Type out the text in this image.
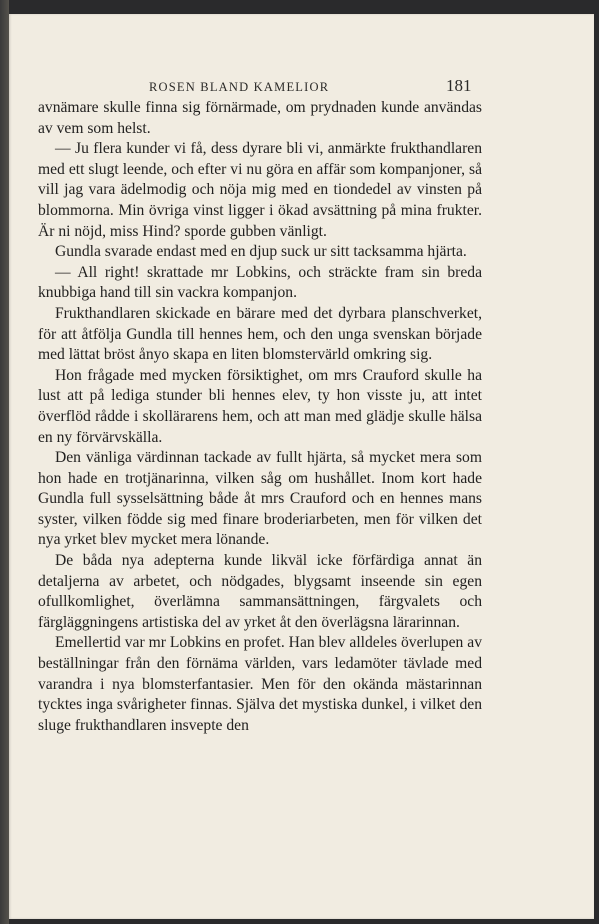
ROSEN BLAND KAMELIOR	181

avnämare skulle finna sig förnärmade, om prydnaden kunde användas av vem som helst.

— Ju flera kunder vi få, dess dyrare bli vi, anmärkte frukthandlaren med ett slugt leende, och efter vi nu göra en affär som kompanjoner, så vill jag vara ädelmodig och nöja mig med en tiondedel av vinsten på blommorna. Min övriga vinst ligger i ökad avsättning på mina frukter. Är ni nöjd, miss Hind? sporde gubben vänligt.

Gundla svarade endast med en djup suck ur sitt tacksamma hjärta.

— All right! skrattade mr Lobkins, och sträckte fram sin breda knubbiga hand till sin vackra kompanjon.

Frukthandlaren skickade en bärare med det dyrbara planschverket, för att åtfölja Gundla till hennes hem, och den unga svenskan började med lättat bröst ånyo skapa en liten blomstervärld omkring sig.

Hon frågade med mycken försiktighet, om mrs Crauford skulle ha lust att på lediga stunder bli hennes elev, ty hon visste ju, att intet överflöd rådde i skollärarens hem, och att man med glädje skulle hälsa en ny förvärvskälla.

Den vänliga värdinnan tackade av fullt hjärta, så mycket mera som hon hade en trotjänarinna, vilken såg om hushållet. Inom kort hade Gundla full sysselsättning både åt mrs Crauford och en hennes mans syster, vilken födde sig med finare broderiarbeten, men för vilken det nya yrket blev mycket mera lönande.

De båda nya adepterna kunde likväl icke förfärdiga annat än detaljerna av arbetet, och nödgades, blygsamt inseende sin egen ofullkomlighet, överlämna sammansättningen, färgvalets och färgläggningens artistiska del av yrket åt den överlägsna lärarinnan.

Emellertid var mr Lobkins en profet. Han blev alldeles överlupen av beställningar från den förnäma världen, vars ledamöter tävlade med varandra i nya blomsterfantasier. Men för den okända mästarinnan tycktes inga svårigheter finnas. Själva det mystiska dunkel, i vilket den sluge frukthandlaren insvepte den
